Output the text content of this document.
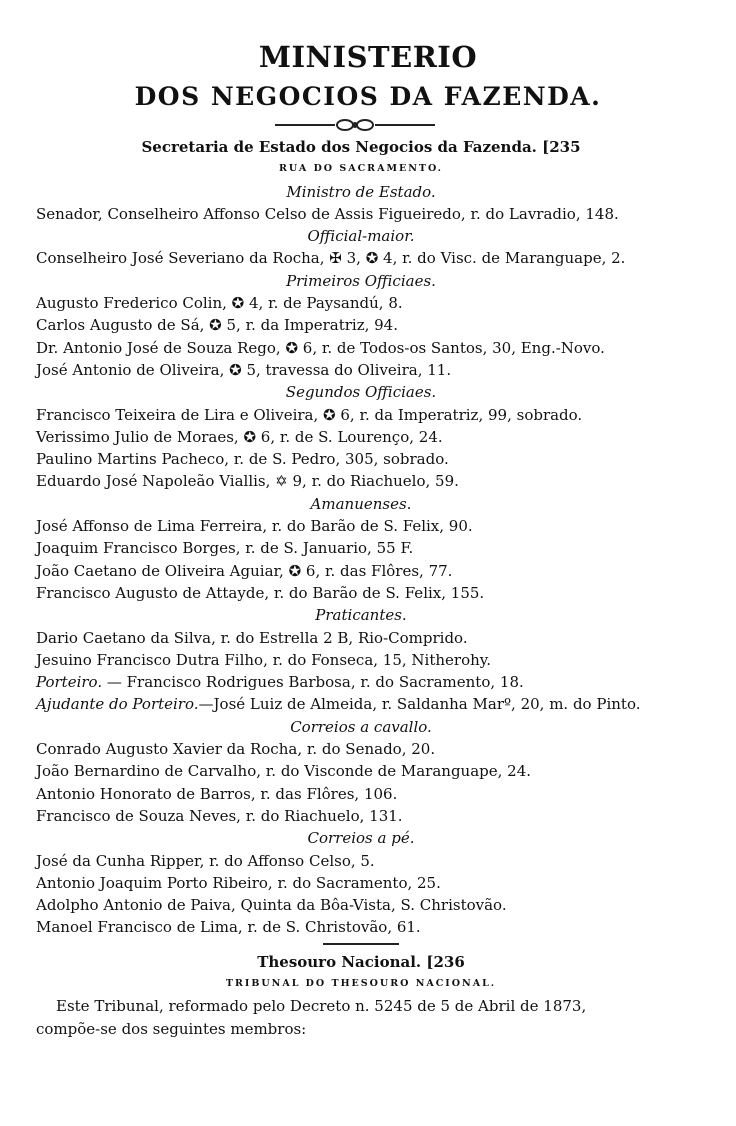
MINISTERIO
DOS NEGOCIOS DA FAZENDA.
Secretaria de Estado dos Negocios da Fazenda. [235
RUA DO SACRAMENTO.
Ministro de Estado.
Senador, Conselheiro Affonso Celso de Assis Figueiredo, r. do Lavradio, 148.
Official-maior.
Conselheiro José Severiano da Rocha, ✠ 3, ✪ 4, r. do Visc. de Maranguape, 2.
Primeiros Officiaes.
Augusto Frederico Colin, ✪ 4, r. de Paysandú, 8.
Carlos Augusto de Sá, ✪ 5, r. da Imperatriz, 94.
Dr. Antonio José de Souza Rego, ✪ 6, r. de Todos-os Santos, 30, Eng.-Novo.
José Antonio de Oliveira, ✪ 5, travessa do Oliveira, 11.
Segundos Officiaes.
Francisco Teixeira de Lira e Oliveira, ✪ 6, r. da Imperatriz, 99, sobrado.
Verissimo Julio de Moraes, ✪ 6, r. de S. Lourenço, 24.
Paulino Martins Pacheco, r. de S. Pedro, 305, sobrado.
Eduardo José Napoleão Viallis, ✡ 9, r. do Riachuelo, 59.
Amanuenses.
José Affonso de Lima Ferreira, r. do Barão de S. Felix, 90.
Joaquim Francisco Borges, r. de S. Januario, 55 F.
João Caetano de Oliveira Aguiar, ✪ 6, r. das Flôres, 77.
Francisco Augusto de Attayde, r. do Barão de S. Felix, 155.
Praticantes.
Dario Caetano da Silva, r. do Estrella 2 B, Rio-Comprido.
Jesuino Francisco Dutra Filho, r. do Fonseca, 15, Nitherohy.
Porteiro. — Francisco Rodrigues Barbosa, r. do Sacramento, 18.
Ajudante do Porteiro.—José Luiz de Almeida, r. Saldanha Marº, 20, m. do Pinto.
Correios a cavallo.
Conrado Augusto Xavier da Rocha, r. do Senado, 20.
João Bernardino de Carvalho, r. do Visconde de Maranguape, 24.
Antonio Honorato de Barros, r. das Flôres, 106.
Francisco de Souza Neves, r. do Riachuelo, 131.
Correios a pé.
José da Cunha Ripper, r. do Affonso Celso, 5.
Antonio Joaquim Porto Ribeiro, r. do Sacramento, 25.
Adolpho Antonio de Paiva, Quinta da Bôa-Vista, S. Christovão.
Manoel Francisco de Lima, r. de S. Christovão, 61.
Thesouro Nacional. [236
TRIBUNAL DO THESOURO NACIONAL.
Este Tribunal, reformado pelo Decreto n. 5245 de 5 de Abril de 1873,
compõe-se dos seguintes membros:
